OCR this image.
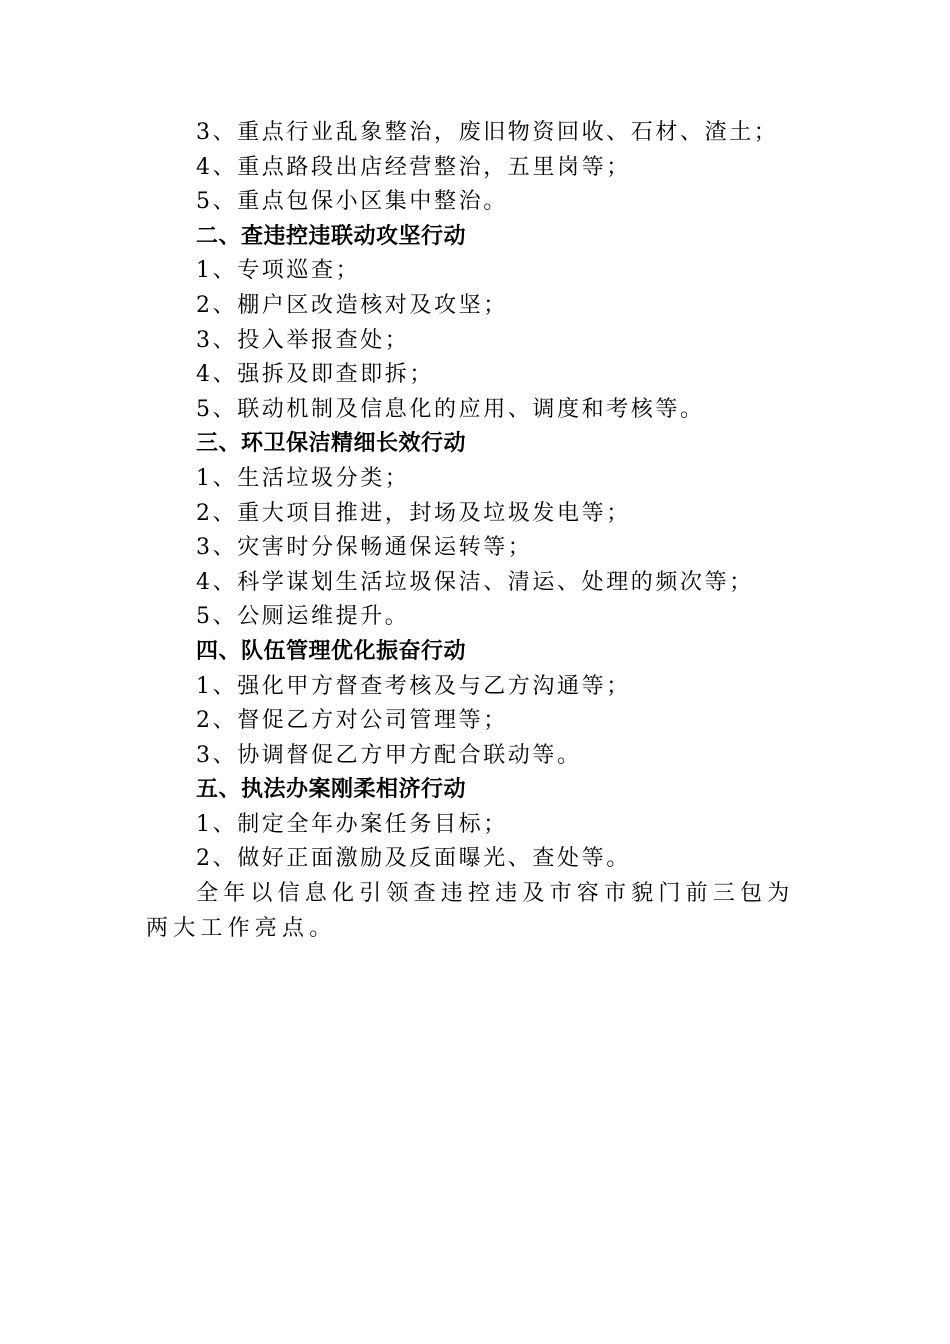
3、重点行业乱象整治，废旧物资回收、石材、渣土；

4、重点路段出店经营整治，五里岗等；

5、重点包保小区集中整治。

二、查违控违联动攻坚行动

1、专项巡查；

2、棚户区改造核对及攻坚；

3、投入举报查处；

4、强拆及即查即拆；

5、联动机制及信息化的应用、调度和考核等。

三、环卫保洁精细长效行动

1、生活垃圾分类；

2、重大项目推进，封场及垃圾发电等；

3、灾害时分保畅通保运转等；

4、科学谋划生活垃圾保洁、清运、处理的频次等；

5、公厕运维提升。

四、队伍管理优化振奋行动

1、强化甲方督查考核及与乙方沟通等；

2、督促乙方对公司管理等；

3、协调督促乙方甲方配合联动等。

五、执法办案刚柔相济行动

1、制定全年办案任务目标；

2、做好正面激励及反面曝光、查处等。

全年以信息化引领查违控违及市容市貌门前三包为两大工作亮点。
